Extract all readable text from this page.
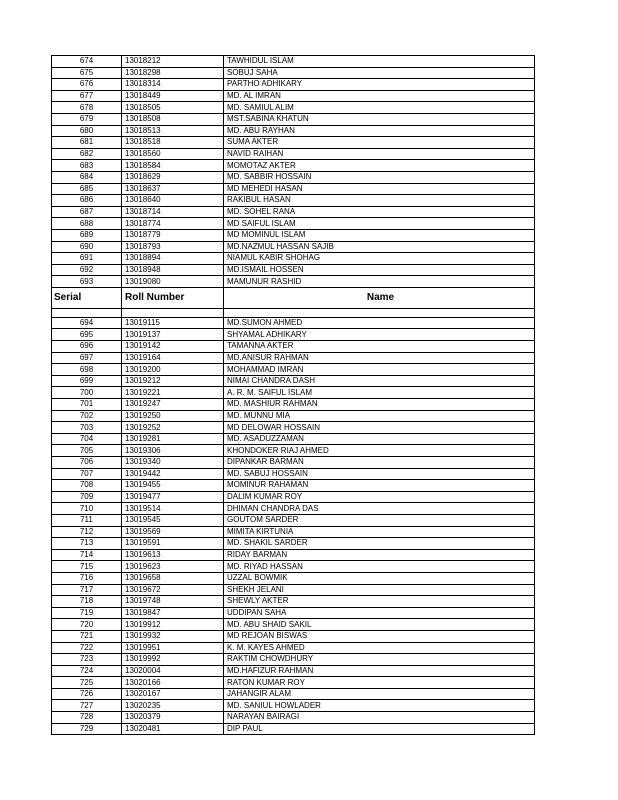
674	13018212	TAWHIDUL ISLAM
675	13018298	SOBUJ SAHA
676	13018314	PARTHO ADHIKARY
677	13018449	MD. AL IMRAN
678	13018505	MD. SAMIUL ALIM
679	13018508	MST.SABINA KHATUN
680	13018513	MD. ABU RAYHAN
681	13018518	SUMA AKTER
682	13018560	NAVID RAIHAN
683	13018584	MOMOTAZ AKTER
684	13018629	MD. SABBIR HOSSAIN
685	13018637	MD MEHEDI HASAN
686	13018640	RAKIBUL HASAN
687	13018714	MD. SOHEL RANA
688	13018774	MD SAIFUL ISLAM
689	13018779	MD MOMINUL ISLAM
690	13018793	MD.NAZMUL HASSAN SAJIB
691	13018894	NIAMUL KABIR SHOHAG
692	13018948	MD.ISMAIL HOSSEN
693	13019080	MAMUNUR RASHID
Serial	Roll Number	Name

694	13019115	MD.SUMON AHMED
695	13019137	SHYAMAL ADHIKARY
696	13019142	TAMANNA AKTER
697	13019164	MD.ANISUR RAHMAN
698	13019200	MOHAMMAD IMRAN
699	13019212	NIMAI CHANDRA DASH
700	13019221	A. R. M. SAIFUL ISLAM
701	13019247	MD. MASHIUR RAHMAN
702	13019250	MD. MUNNU MIA
703	13019252	MD DELOWAR HOSSAIN
704	13019281	MD. ASADUZZAMAN
705	13019306	KHONDOKER RIAJ AHMED
706	13019340	DIPANKAR BARMAN
707	13019442	MD. SABUJ HOSSAIN
708	13019455	MOMINUR RAHAMAN
709	13019477	DALIM KUMAR ROY
710	13019514	DHIMAN CHANDRA DAS
711	13019545	GOUTOM SARDER
712	13019569	MIMITA KIRTUNIA
713	13019591	MD. SHAKIL SARDER
714	13019613	RIDAY BARMAN
715	13019623	MD. RIYAD HASSAN
716	13019658	UZZAL BOWMIK
717	13019672	SHEKH JELANI
718	13019748	SHEWLY AKTER
719	13019847	UDDIPAN SAHA
720	13019912	MD. ABU SHAID SAKIL
721	13019932	MD REJOAN BISWAS
722	13019951	K. M. KAYES AHMED
723	13019992	RAKTIM CHOWDHURY
724	13020004	MD.HAFIZUR RAHMAN
725	13020166	RATON KUMAR ROY
726	13020167	JAHANGIR ALAM
727	13020235	MD. SANIUL HOWLADER
728	13020379	NARAYAN BAIRAGI
729	13020481	DIP PAUL
